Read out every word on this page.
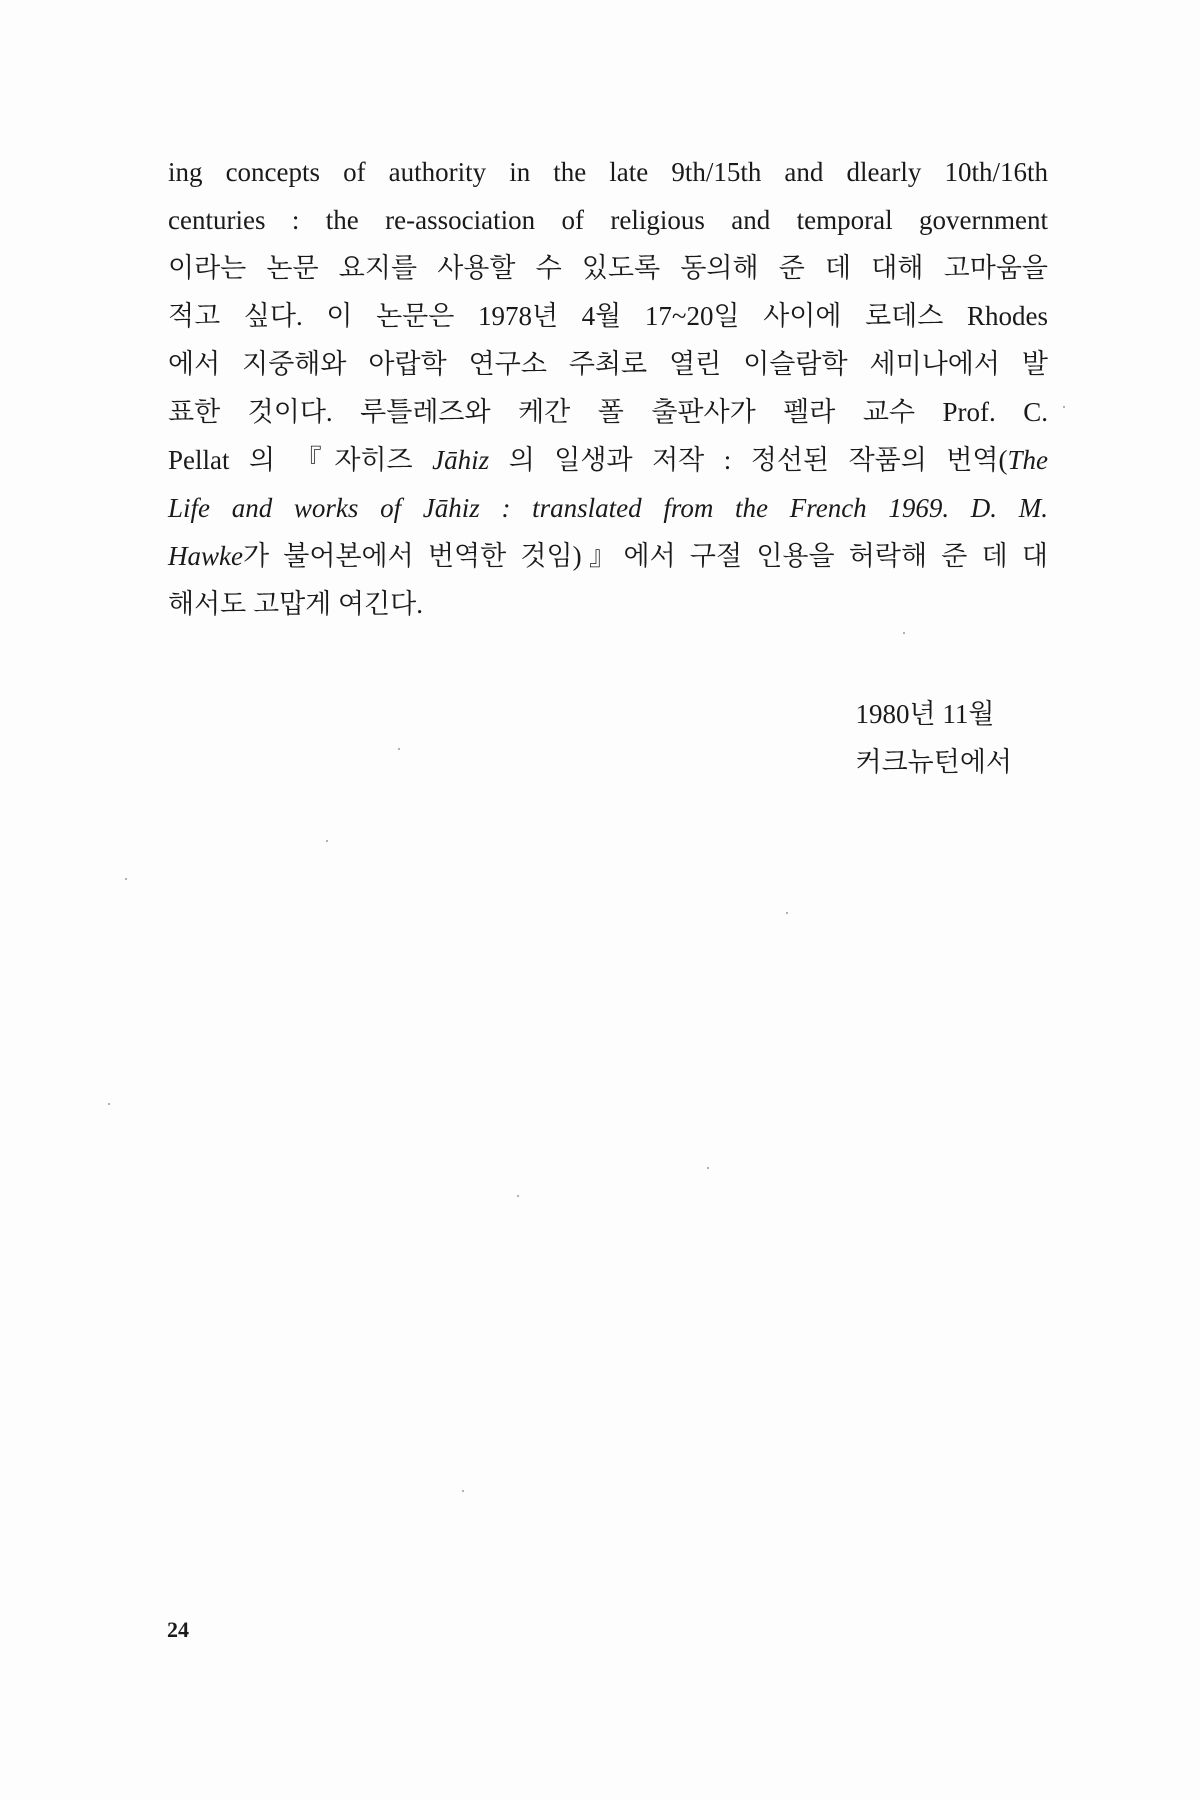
ing concepts of authority in the late 9th/15th and dlearly 10th/16th
centuries : the re-association of religious and temporal government
이라는 논문 요지를 사용할 수 있도록 동의해 준 데 대해 고마움을
적고 싶다. 이 논문은 1978년 4월 17~20일 사이에 로데스 Rhodes
에서 지중해와 아랍학 연구소 주최로 열린 이슬람학 세미나에서 발
표한 것이다. 루틀레즈와 케간 폴 출판사가 펠라 교수 Prof. C.
Pellat 의 『자히즈 Jāhiz 의 일생과 저작 : 정선된 작품의 번역(The
Life and works of Jāhiz : translated from the French 1969. D. M.
Hawke가 불어본에서 번역한 것임)』에서 구절 인용을 허락해 준 데 대
해서도 고맙게 여긴다.
1980년 11월
커크뉴턴에서
24
